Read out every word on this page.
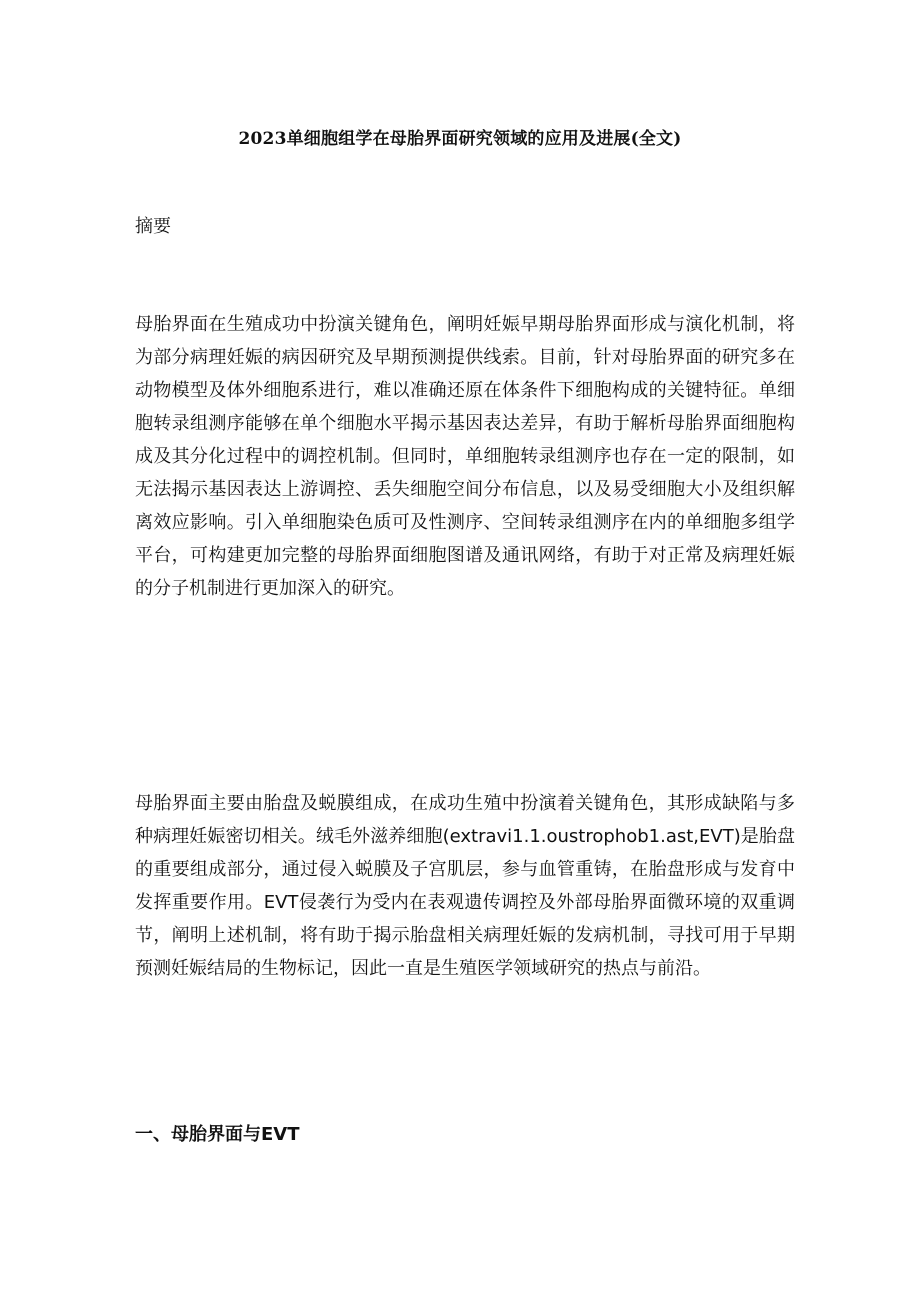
2023单细胞组学在母胎界面研究领域的应用及进展(全文)

摘要

母胎界面在生殖成功中扮演关键角色，阐明妊娠早期母胎界面形成与演化机制，将为部分病理妊娠的病因研究及早期预测提供线索。目前，针对母胎界面的研究多在动物模型及体外细胞系进行，难以准确还原在体条件下细胞构成的关键特征。单细胞转录组测序能够在单个细胞水平揭示基因表达差异，有助于解析母胎界面细胞构成及其分化过程中的调控机制。但同时，单细胞转录组测序也存在一定的限制，如无法揭示基因表达上游调控、丢失细胞空间分布信息，以及易受细胞大小及组织解离效应影响。引入单细胞染色质可及性测序、空间转录组测序在内的单细胞多组学平台，可构建更加完整的母胎界面细胞图谱及通讯网络，有助于对正常及病理妊娠的分子机制进行更加深入的研究。

母胎界面主要由胎盘及蜕膜组成，在成功生殖中扮演着关键角色，其形成缺陷与多种病理妊娠密切相关。绒毛外滋养细胞(extravi1.1.oustrophob1.ast,EVT)是胎盘的重要组成部分，通过侵入蜕膜及子宫肌层，参与血管重铸，在胎盘形成与发育中发挥重要作用。EVT侵袭行为受内在表观遗传调控及外部母胎界面微环境的双重调节，阐明上述机制，将有助于揭示胎盘相关病理妊娠的发病机制，寻找可用于早期预测妊娠结局的生物标记，因此一直是生殖医学领域研究的热点与前沿。

一、母胎界面与EVT
